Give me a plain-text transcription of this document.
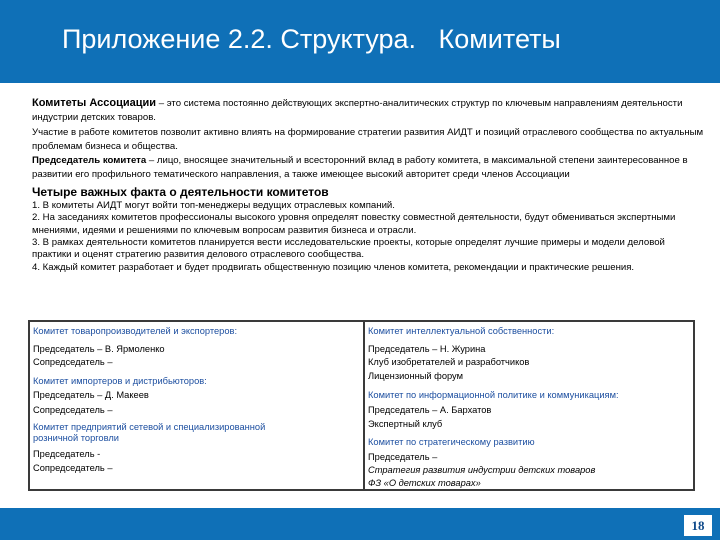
Приложение 2.2. Структура.   Комитеты

Комитеты Ассоциации – это система постоянно действующих экспертно-аналитических структур по ключевым направлениям деятельности индустрии детских товаров.

Участие в работе комитетов позволит активно влиять на формирование стратегии развития АИДТ и позиций отраслевого сообщества по актуальным проблемам бизнеса и общества.

Председатель комитета – лицо, вносящее значительный и всесторонний вклад в работу комитета, в максимальной степени заинтересованное в развитии его профильного тематического направления, а также имеющее высокий авторитет среди членов Ассоциации

Четыре важных факта о деятельности комитетов

1. В комитеты АИДТ могут войти топ-менеджеры ведущих отраслевых компаний.

2. На заседаниях комитетов профессионалы высокого уровня определят повестку совместной деятельности, будут обмениваться экспертными мнениями, идеями и решениями по ключевым вопросам развития бизнеса и отрасли.

3. В рамках деятельности комитетов планируется вести исследовательские проекты, которые определят лучшие примеры и модели деловой практики и оценят стратегию развития делового отраслевого сообщества.

4. Каждый комитет разработает и будет продвигать общественную позицию членов комитета, рекомендации и практические решения.

Комитет товаропроизводителей и экспортеров:
Председатель – В. Ярмоленко
Сопредседатель –
Комитет импортеров и дистрибьюторов:
Председатель – Д. Макеев
Сопредседатель –
Комитет предприятий сетевой и специализированной
розничной торговли
Председатель -
Сопредседатель –
Комитет интеллектуальной собственности:
Председатель – Н. Журина
Клуб изобретателей и разработчиков
Лицензионный форум
Комитет по информационной политике и коммуникациям:
Председатель – А. Бархатов
Экспертный клуб
Комитет по стратегическому развитию
Председатель –
Стратегия развития индустрии детских товаров
ФЗ «О детских товарах»
18
